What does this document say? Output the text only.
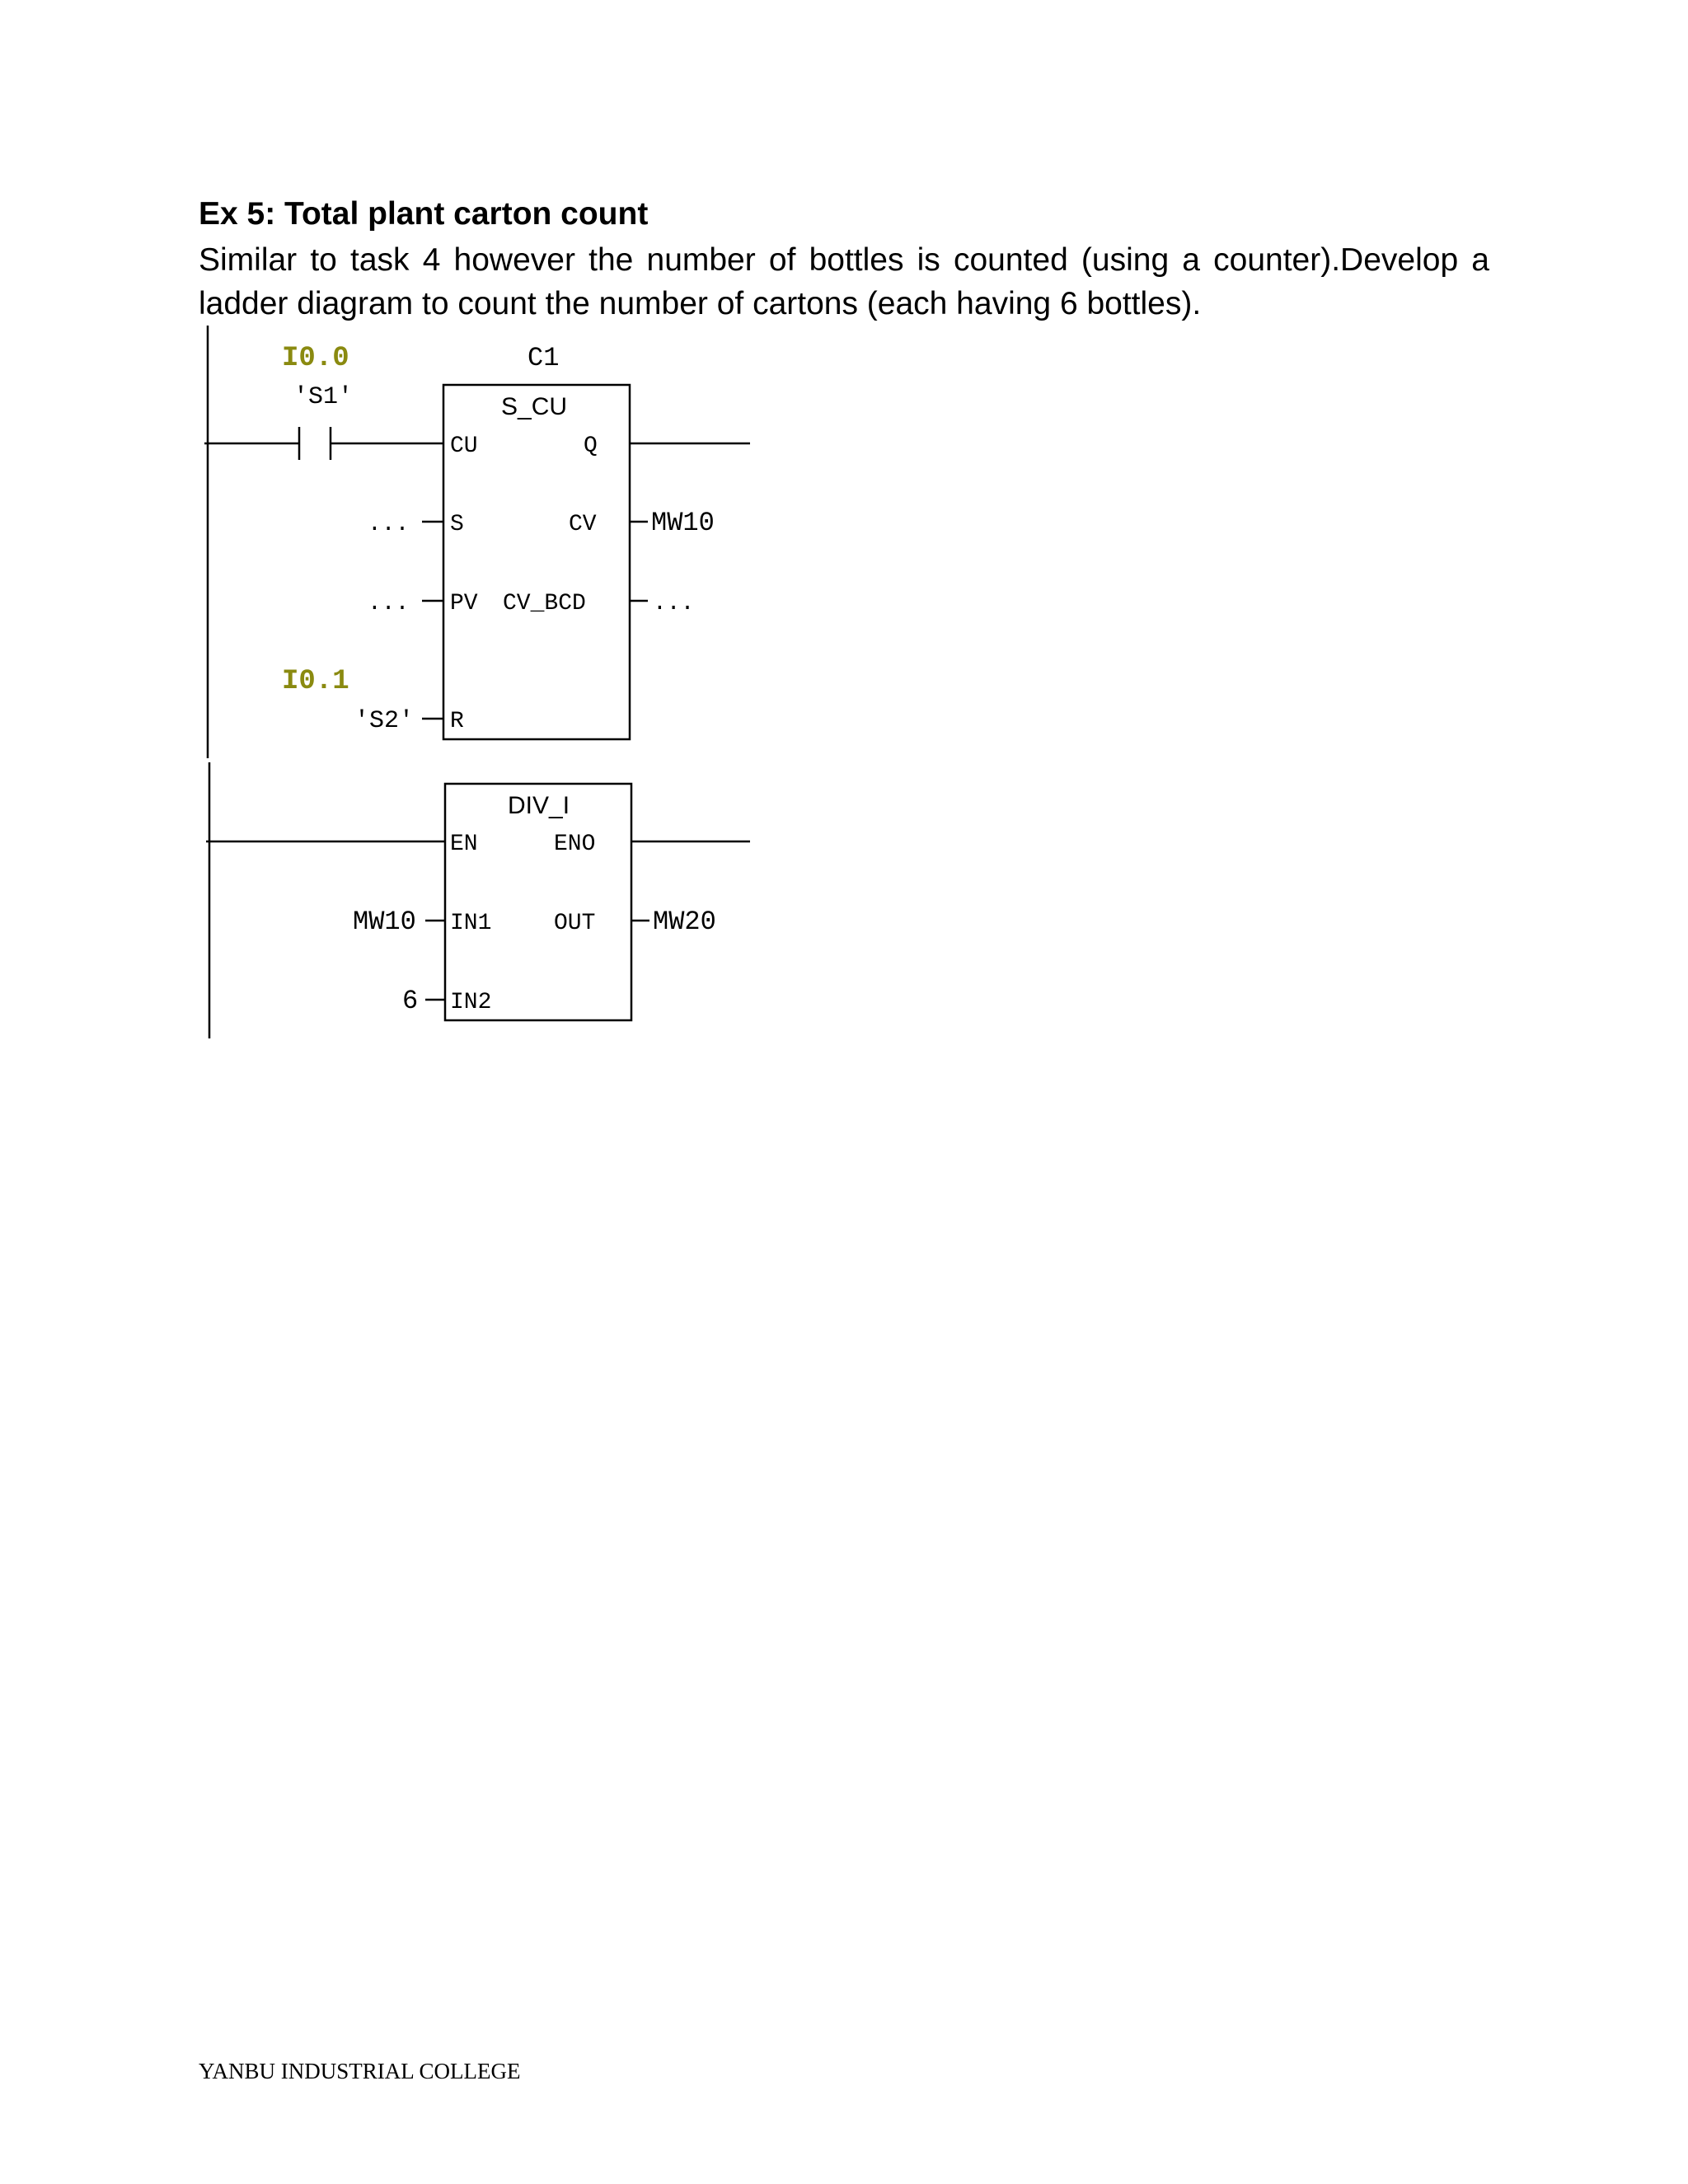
Ex 5: Total plant carton count

Similar to task 4 however the number of bottles is counted (using a counter).Develop a ladder diagram to count the number of cartons (each having 6 bottles).

I0.0
'S1'
C1
S_CU
CU	Q
... S	CV MW10
... PV CV_BCD	...
I0.1
'S2' R
DIV_I
EN	ENO
MW10 IN1	OUT MW20
6 IN2
YANBU INDUSTRIAL COLLEGE
